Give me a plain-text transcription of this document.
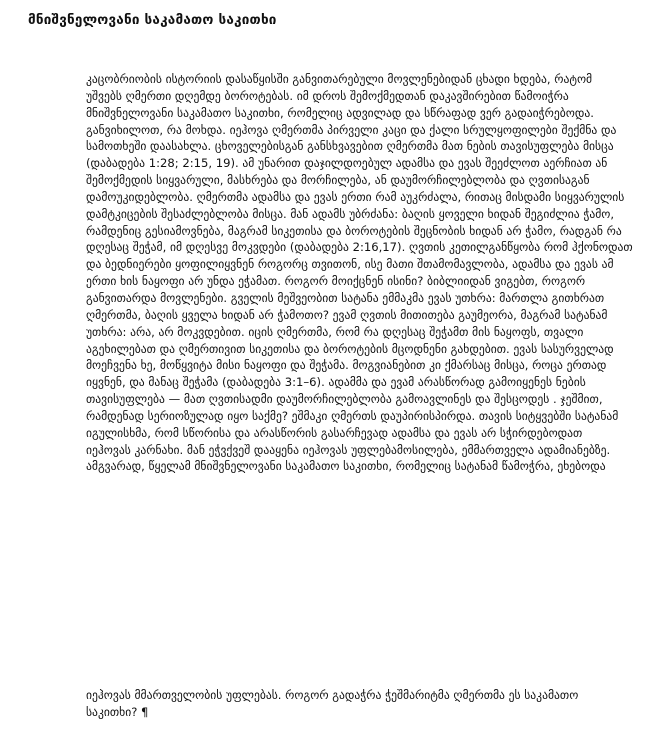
მნიშვნელოვანი საკამათო საკითხი
კაცობრიობის ისტორიის დასაწყისში განვითარებული მოვლენებიდან ცხადი ხდება, რატომ
უშვებს ღმერთი დღემდე ბოროტებას. იმ დროს შემოქმედთან დაკავშირებით წამოიჭრა
მნიშვნელოვანი საკამათო საკითხი, რომელიც ადვილად და სწრაფად ვერ გადაიჭრებოდა.
განვიხილოთ, რა მოხდა. იეჰოვა ღმერთმა პირველი კაცი და ქალი სრულყოფილები შექმნა და
სამოთხეში დაასახლა. ცხოველებისგან განსხვავებით ღმერთმა მათ ნების თავისუფლება მისცა
(დაბადება 1:28; 2:15, 19). ამ უნარით დაჯილდოებულ ადამსა და ევას შეეძლოთ აერჩიათ ან
შემოქმედის სიყვარული, მასხრება და მორჩილება, ან დაუმორჩილებლობა და ღვთისაგან
დამოუკიდებლობა. ღმერთმა ადამსა და ევას ერთი რამ აუკრძალა, რითაც მისდამი სიყვარულის
დამტკიცების შესაძლებლობა მისცა. მან ადამს უბრძანა: ბაღის ყოველი ხიდან შეგიძლია ჭამო,
რამდენიც გესიამოვნება, მაგრამ სიკეთისა და ბოროტების შეცნობის ხიდან არ ჭამო, რადგან რა
დღესაც შეჭამ, იმ დღესვე მოკვდები (დაბადება 2:16,17). ღვთის კეთილგანწყობა რომ ჰქონოდათ
და ბედნიერები ყოფილიყვნენ როგორც თვითონ, ისე მათი შთამომავლობა, ადამსა და ევას ამ
ერთი ხის ნაყოფი არ უნდა ეჭამათ. როგორ მოიქცნენ ისინი? ბიბლიიდან ვიგებთ, როგორ
განვითარდა მოვლენები. გველის მეშვეობით სატანა ემმაკმა ევას უთხრა: მართლა გითხრათ
ღმერთმა, ბაღის ყველა ხიდან არ ჭამოთო? ევამ ღვთის მითითება გაუმეორა, მაგრამ სატანამ
უთხრა: არა, არ მოკვდებით. იცის ღმერთმა, რომ რა დღესაც შეჭამთ მის ნაყოფს, თვალი
აგეხილებათ და ღმერთივით სიკეთისა და ბოროტების მცოდნენი გახდებით. ევას სასურველად
მოეჩვენა ხე, მოწყვიტა მისი ნაყოფი და შეჭამა. მოგვიანებით კი ქმარსაც მისცა, როცა ერთად
იყვნენ, და მანაც შეჭამა (დაბადება 3:1–6). ადამმა და ევამ არასწორად გამოიყენეს ნების
თავისუფლება — მათ ღვთისადმი დაუმორჩილებლობა გამოავლინეს და შესცოდეს . ჯეშმით,
რამდენად სერიოზულად იყო საქმე? ეშმაკი ღმერთს დაუპირისპირდა. თავის სიტყვებში სატანამ
იგულისხმა, რომ სწორისა და არასწორის გასარჩევად ადამსა და ევას არ სჭირდებოდათ
იეჰოვას კარნახი. მან ეჭვქვეშ დააყენა იეჰოვას უფლებამოსილება, ემმართველა ადამიანებზე.
ამგვარად, წყელამ მნიშვნელოვანი საკამათო საკითხი, რომელიც სატანამ წამოჭრა, ეხებოდა
იეჰოვას მმართველობის უფლებას. როგორ გადაჭრა ჭეშმარიტმა ღმერთმა ეს საკამათო
საკითხი? ¶
